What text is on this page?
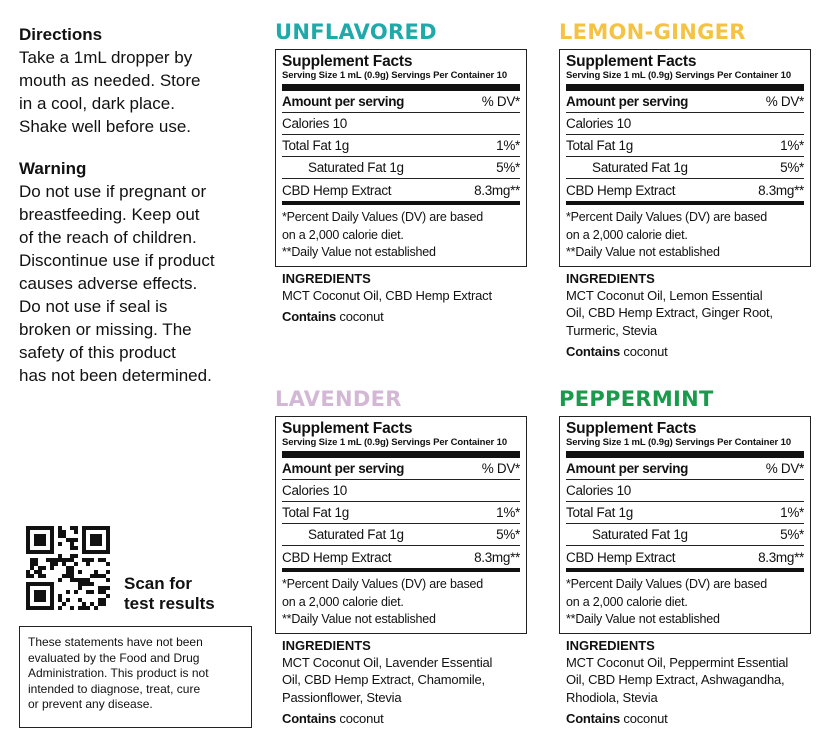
Directions
Take a 1mL dropper by
mouth as needed. Store
in a cool, dark place.
Shake well before use.
Warning
Do not use if pregnant or
breastfeeding. Keep out
of the reach of children.
Discontinue use if product
causes adverse effects.
Do not use if seal is
broken or missing. The
safety of this product
has not been determined.
Scan for
test results
These statements have not been
evaluated by the Food and Drug
Administration. This product is not
intended to diagnose, treat, cure
or prevent any disease.
UNFLAVORED
Supplement Facts
Serving Size 1 mL (0.9g) Servings Per Container 10
Amount per serving	% DV*
Calories 10
Total Fat 1g	1%*
Saturated Fat 1g	5%*
CBD Hemp Extract	8.3mg**
*Percent Daily Values (DV) are based
on a 2,000 calorie diet.
**Daily Value not established
INGREDIENTS
MCT Coconut Oil, CBD Hemp Extract
Contains coconut
LEMON-GINGER
Supplement Facts
Serving Size 1 mL (0.9g) Servings Per Container 10
Amount per serving	% DV*
Calories 10
Total Fat 1g	1%*
Saturated Fat 1g	5%*
CBD Hemp Extract	8.3mg**
*Percent Daily Values (DV) are based
on a 2,000 calorie diet.
**Daily Value not established
INGREDIENTS
MCT Coconut Oil, Lemon Essential
Oil, CBD Hemp Extract, Ginger Root,
Turmeric, Stevia
Contains coconut
LAVENDER
Supplement Facts
Serving Size 1 mL (0.9g) Servings Per Container 10
Amount per serving	% DV*
Calories 10
Total Fat 1g	1%*
Saturated Fat 1g	5%*
CBD Hemp Extract	8.3mg**
*Percent Daily Values (DV) are based
on a 2,000 calorie diet.
**Daily Value not established
INGREDIENTS
MCT Coconut Oil, Lavender Essential
Oil, CBD Hemp Extract, Chamomile,
Passionflower, Stevia
Contains coconut
PEPPERMINT
Supplement Facts
Serving Size 1 mL (0.9g) Servings Per Container 10
Amount per serving	% DV*
Calories 10
Total Fat 1g	1%*
Saturated Fat 1g	5%*
CBD Hemp Extract	8.3mg**
*Percent Daily Values (DV) are based
on a 2,000 calorie diet.
**Daily Value not established
INGREDIENTS
MCT Coconut Oil, Peppermint Essential
Oil, CBD Hemp Extract, Ashwagandha,
Rhodiola, Stevia
Contains coconut
